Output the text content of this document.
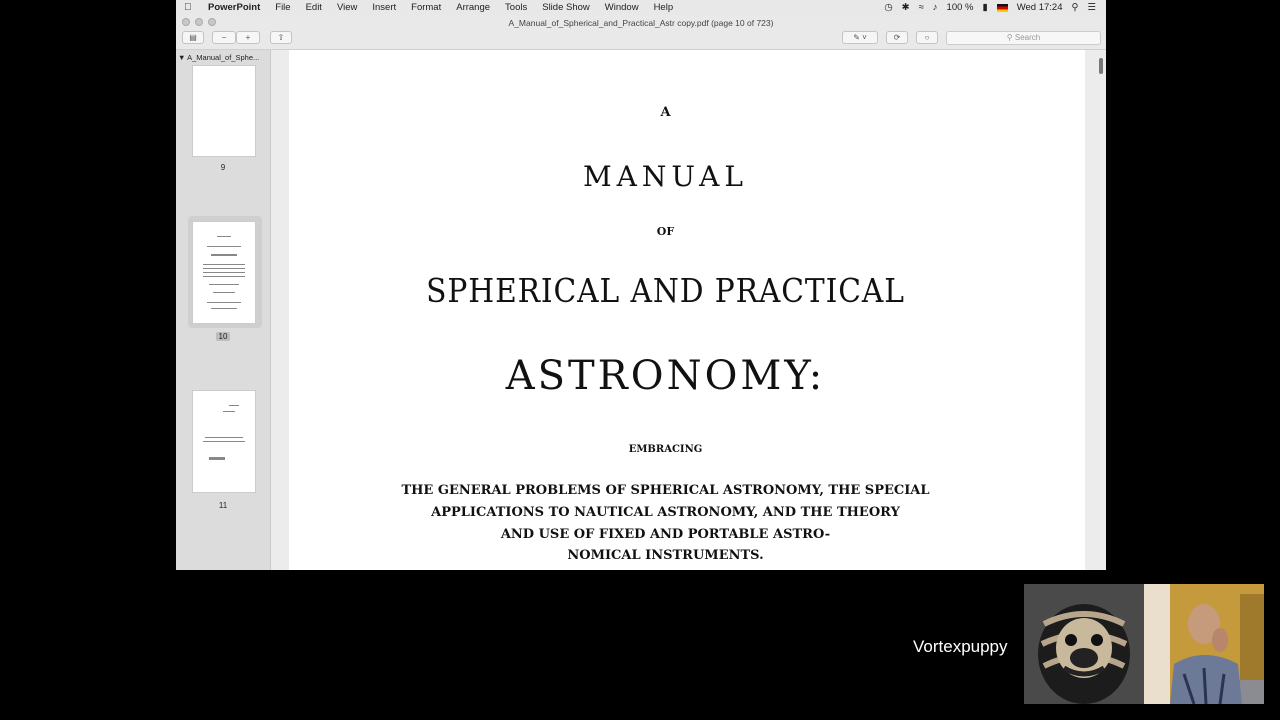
PowerPoint File Edit View Insert Format Arrange Tools Slide Show Window Help	◷ ✱ ≈ ♪ 100 % ▮	Wed 17:24 ⚲ ☰
A_Manual_of_Spherical_and_Practical_Astr copy.pdf (page 10 of 723)
▤	−	+	⇧	✎ ˅	⟳	○	⚲ Search
▼ A_Manual_of_Sphe...
9
10
11
A
MANUAL
OF
SPHERICAL AND PRACTICAL
ASTRONOMY:
EMBRACING
THE GENERAL PROBLEMS OF SPHERICAL ASTRONOMY, THE SPECIAL
APPLICATIONS TO NAUTICAL ASTRONOMY, AND THE THEORY
AND USE OF FIXED AND PORTABLE ASTRO-
NOMICAL INSTRUMENTS.
Vortexpuppy
